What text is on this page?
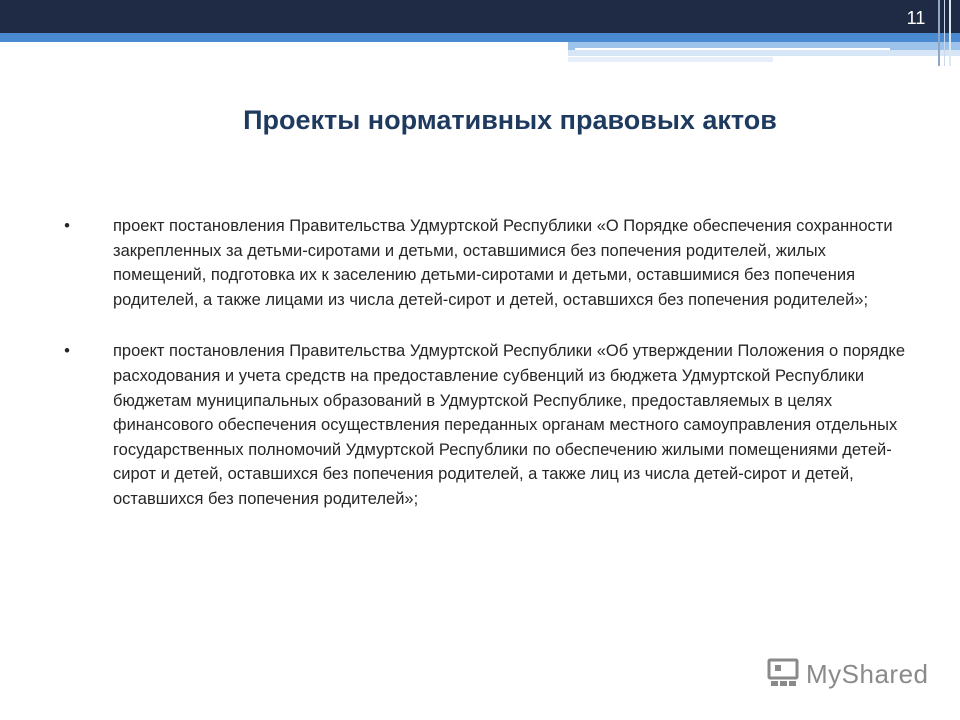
11
Проекты нормативных правовых актов
•	проект постановления Правительства Удмуртской Республики «О Порядке обеспечения сохранности закрепленных за детьми-сиротами и детьми, оставшимися без попечения родителей, жилых помещений, подготовка их к заселению детьми-сиротами и детьми, оставшимися без попечения родителей, а также лицами из числа детей-сирот и детей, оставшихся без попечения родителей»;
•	проект постановления Правительства Удмуртской Республики «Об утверждении Положения о порядке расходования и учета средств на предоставление субвенций из бюджета Удмуртской Республики бюджетам муниципальных образований в Удмуртской Республике, предоставляемых в целях финансового обеспечения осуществления переданных органам местного самоуправления отдельных государственных полномочий Удмуртской Республики по обеспечению жилыми помещениями детей-сирот и детей, оставшихся без попечения родителей, а также лиц из числа детей-сирот и детей, оставшихся без попечения родителей»;
MyShared
